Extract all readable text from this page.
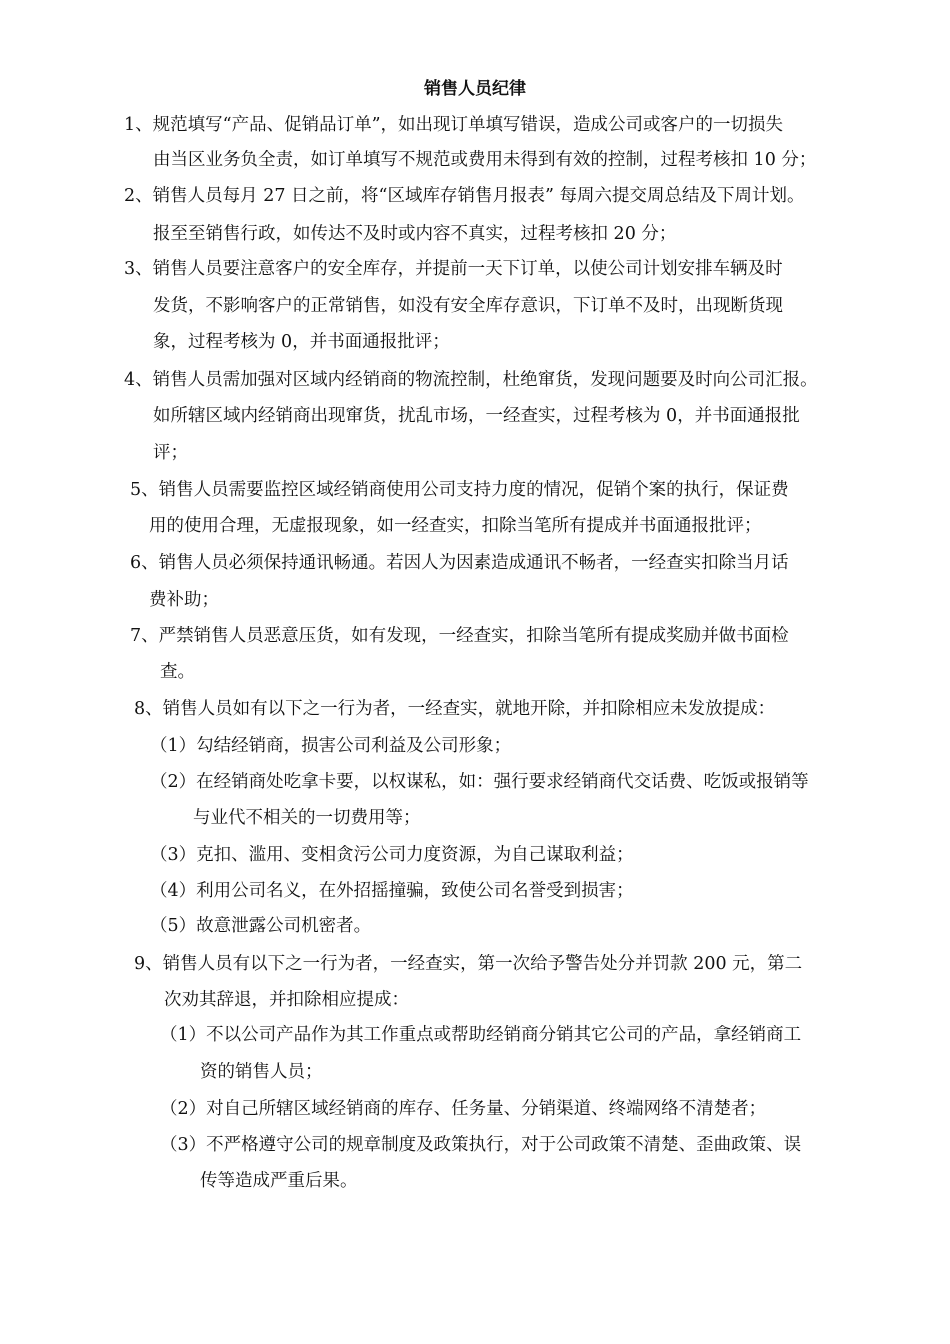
销售人员纪律
1、规范填写“产品、促销品订单”，如出现订单填写错误，造成公司或客户的一切损失
由当区业务负全责，如订单填写不规范或费用未得到有效的控制，过程考核扣 10 分；
2、销售人员每月 27 日之前，将“区域库存销售月报表” 每周六提交周总结及下周计划。
报至至销售行政，如传达不及时或内容不真实，过程考核扣 20 分；
3、销售人员要注意客户的安全库存，并提前一天下订单，以使公司计划安排车辆及时
发货，不影响客户的正常销售，如没有安全库存意识，下订单不及时，出现断货现
象，过程考核为 0，并书面通报批评；
4、销售人员需加强对区域内经销商的物流控制，杜绝窜货，发现问题要及时向公司汇报。
如所辖区域内经销商出现窜货，扰乱市场，一经查实，过程考核为 0，并书面通报批
评；
5、销售人员需要监控区域经销商使用公司支持力度的情况，促销个案的执行，保证费
用的使用合理，无虚报现象，如一经查实，扣除当笔所有提成并书面通报批评；
6、销售人员必须保持通讯畅通。若因人为因素造成通讯不畅者，一经查实扣除当月话
费补助；
7、严禁销售人员恶意压货，如有发现，一经查实，扣除当笔所有提成奖励并做书面检
查。
8、销售人员如有以下之一行为者，一经查实，就地开除，并扣除相应未发放提成：
（1）勾结经销商，损害公司利益及公司形象；
（2）在经销商处吃拿卡要，以权谋私，如：强行要求经销商代交话费、吃饭或报销等
与业代不相关的一切费用等；
（3）克扣、滥用、变相贪污公司力度资源，为自己谋取利益；
（4）利用公司名义，在外招摇撞骗，致使公司名誉受到损害；
（5）故意泄露公司机密者。
9、销售人员有以下之一行为者，一经查实，第一次给予警告处分并罚款 200 元，第二
次劝其辞退，并扣除相应提成：
（1）不以公司产品作为其工作重点或帮助经销商分销其它公司的产品，拿经销商工
资的销售人员；
（2）对自己所辖区域经销商的库存、任务量、分销渠道、终端网络不清楚者；
（3）不严格遵守公司的规章制度及政策执行，对于公司政策不清楚、歪曲政策、误
传等造成严重后果。
